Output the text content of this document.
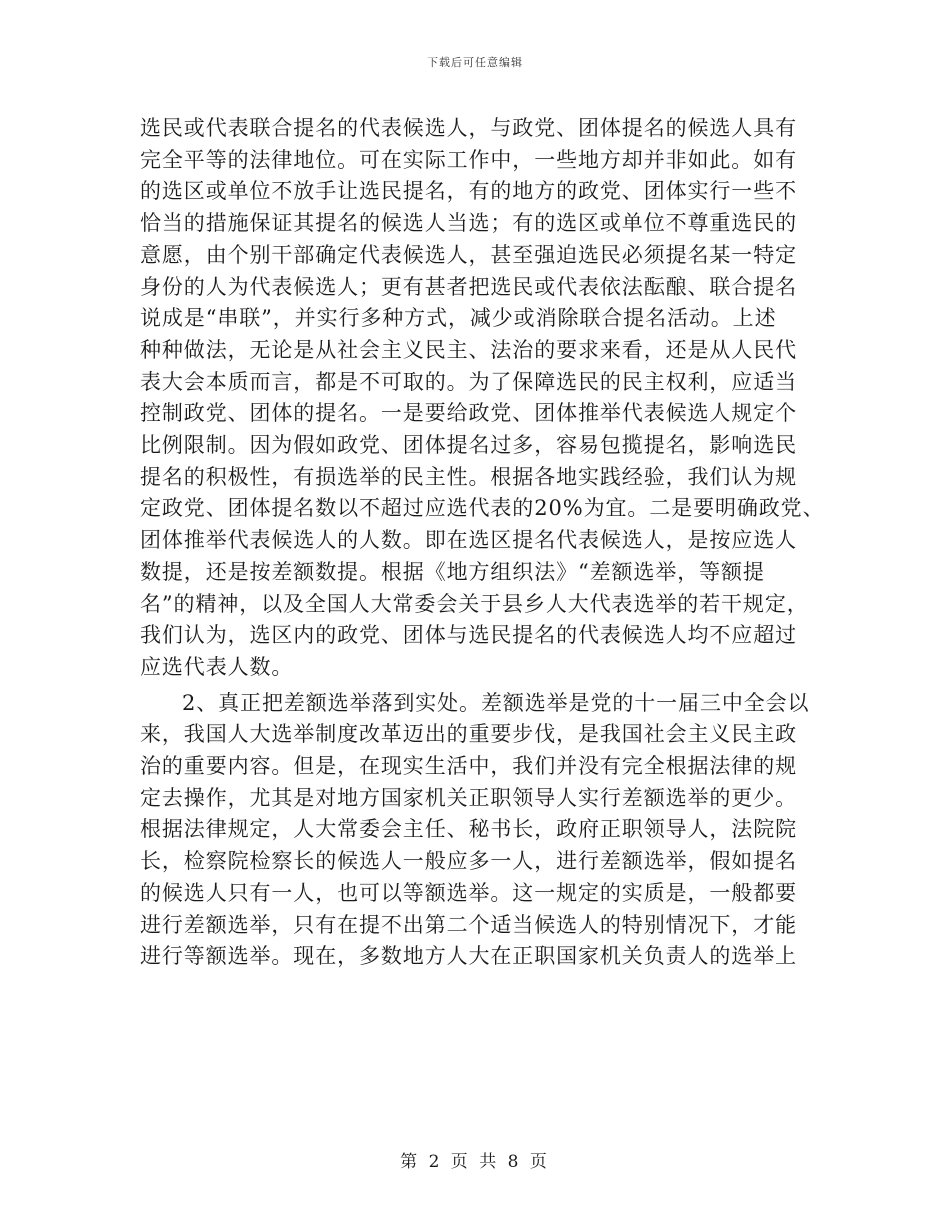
下载后可任意编辑
选民或代表联合提名的代表候选人，与政党、团体提名的候选人具有
完全平等的法律地位。可在实际工作中，一些地方却并非如此。如有
的选区或单位不放手让选民提名，有的地方的政党、团体实行一些不
恰当的措施保证其提名的候选人当选；有的选区或单位不尊重选民的
意愿，由个别干部确定代表候选人，甚至强迫选民必须提名某一特定
身份的人为代表候选人；更有甚者把选民或代表依法酝酿、联合提名
说成是“串联”，并实行多种方式，减少或消除联合提名活动。上述
种种做法，无论是从社会主义民主、法治的要求来看，还是从人民代
表大会本质而言，都是不可取的。为了保障选民的民主权利，应适当
控制政党、团体的提名。一是要给政党、团体推举代表候选人规定个
比例限制。因为假如政党、团体提名过多，容易包揽提名，影响选民
提名的积极性，有损选举的民主性。根据各地实践经验，我们认为规
定政党、团体提名数以不超过应选代表的20%为宜。二是要明确政党、
团体推举代表候选人的人数。即在选区提名代表候选人，是按应选人
数提，还是按差额数提。根据《地方组织法》“差额选举，等额提
名”的精神，以及全国人大常委会关于县乡人大代表选举的若干规定，
我们认为，选区内的政党、团体与选民提名的代表候选人均不应超过
应选代表人数。
2、真正把差额选举落到实处。差额选举是党的十一届三中全会以
来，我国人大选举制度改革迈出的重要步伐，是我国社会主义民主政
治的重要内容。但是，在现实生活中，我们并没有完全根据法律的规
定去操作，尤其是对地方国家机关正职领导人实行差额选举的更少。
根据法律规定，人大常委会主任、秘书长，政府正职领导人，法院院
长，检察院检察长的候选人一般应多一人，进行差额选举，假如提名
的候选人只有一人，也可以等额选举。这一规定的实质是，一般都要
进行差额选举，只有在提不出第二个适当候选人的特别情况下，才能
进行等额选举。现在，多数地方人大在正职国家机关负责人的选举上
第 2 页 共 8 页
